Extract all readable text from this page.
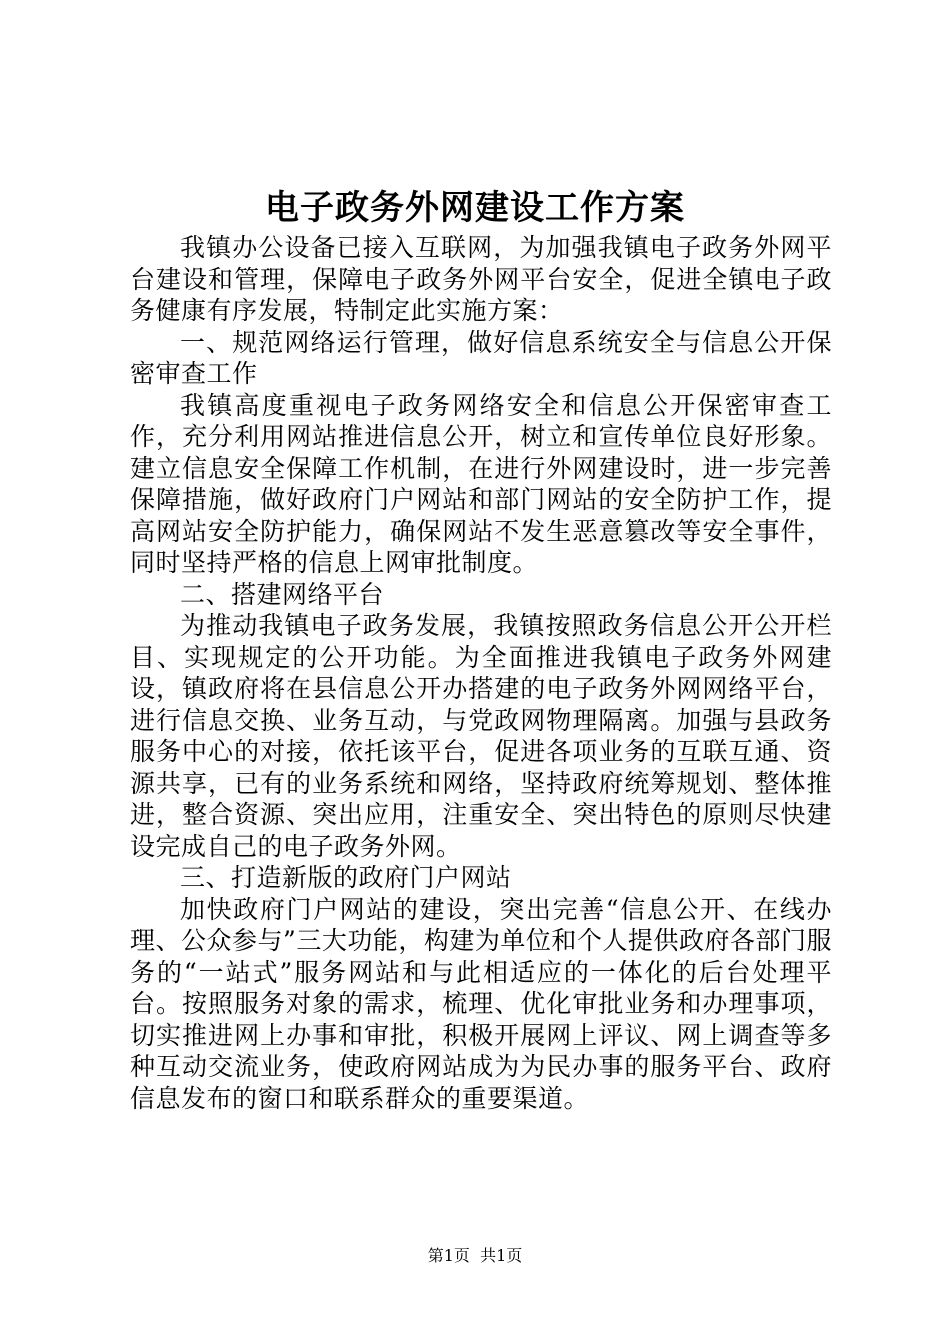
电子政务外网建设工作方案

我镇办公设备已接入互联网，为加强我镇电子政务外网平台建设和管理，保障电子政务外网平台安全，促进全镇电子政务健康有序发展，特制定此实施方案：

一、规范网络运行管理，做好信息系统安全与信息公开保密审查工作

我镇高度重视电子政务网络安全和信息公开保密审查工作，充分利用网站推进信息公开，树立和宣传单位良好形象。建立信息安全保障工作机制，在进行外网建设时，进一步完善保障措施，做好政府门户网站和部门网站的安全防护工作，提高网站安全防护能力，确保网站不发生恶意篡改等安全事件，同时坚持严格的信息上网审批制度。

二、搭建网络平台

为推动我镇电子政务发展，我镇按照政务信息公开公开栏目、实现规定的公开功能。为全面推进我镇电子政务外网建设，镇政府将在县信息公开办搭建的电子政务外网网络平台，进行信息交换、业务互动，与党政网物理隔离。加强与县政务服务中心的对接，依托该平台，促进各项业务的互联互通、资源共享，已有的业务系统和网络，坚持政府统筹规划、整体推进，整合资源、突出应用，注重安全、突出特色的原则尽快建设完成自己的电子政务外网。

三、打造新版的政府门户网站

加快政府门户网站的建设，突出完善“信息公开、在线办理、公众参与”三大功能，构建为单位和个人提供政府各部门服务的“一站式”服务网站和与此相适应的一体化的后台处理平台。按照服务对象的需求，梳理、优化审批业务和办理事项，切实推进网上办事和审批，积极开展网上评议、网上调查等多种互动交流业务，使政府网站成为为民办事的服务平台、政府信息发布的窗口和联系群众的重要渠道。

第1页 共1页
